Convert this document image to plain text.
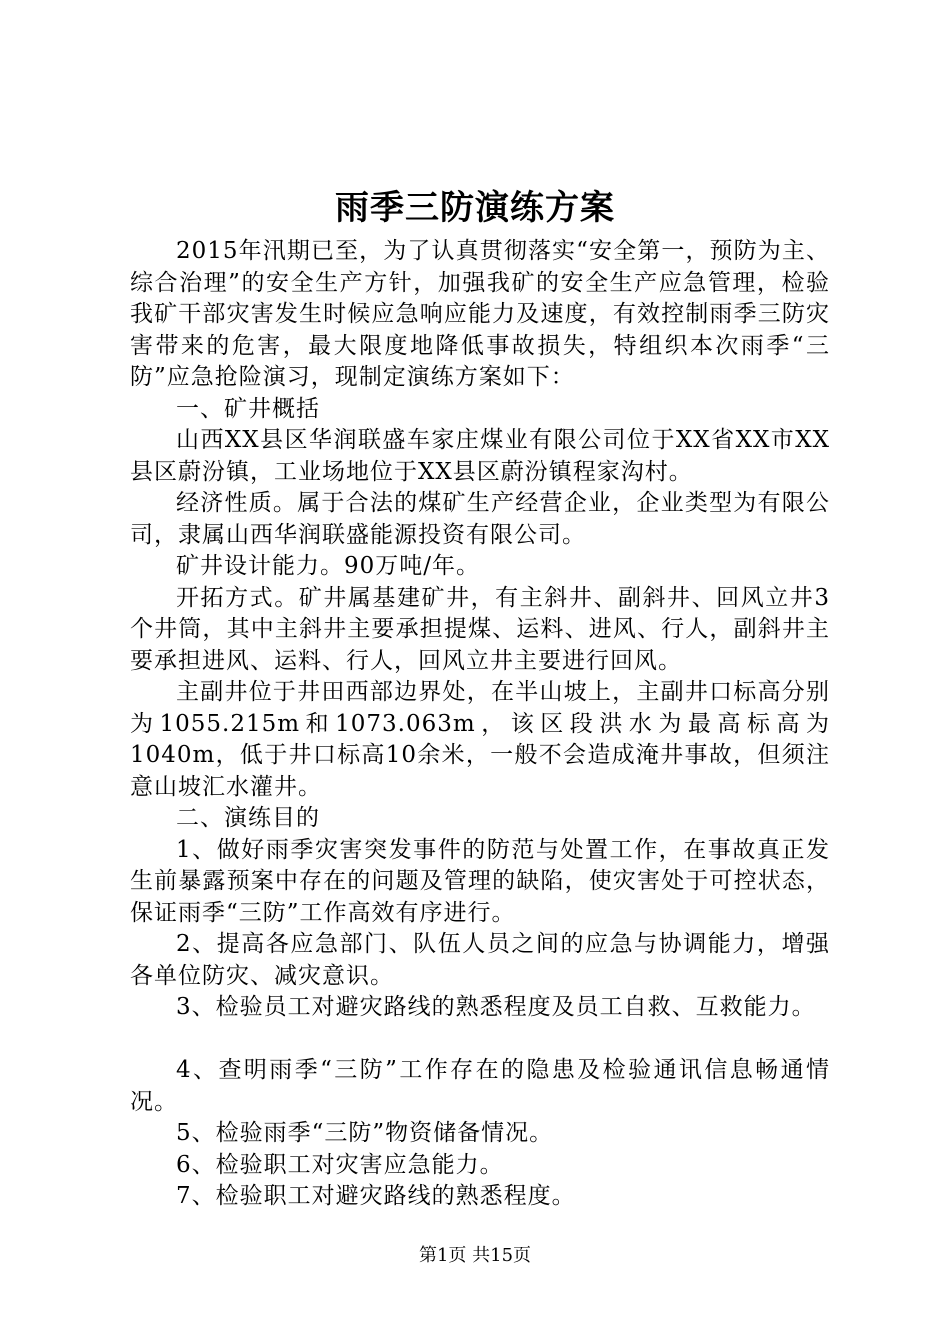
雨季三防演练方案

2015年汛期已至，为了认真贯彻落实“安全第一，预防为主、综合治理”的安全生产方针，加强我矿的安全生产应急管理，检验我矿干部灾害发生时候应急响应能力及速度，有效控制雨季三防灾害带来的危害，最大限度地降低事故损失，特组织本次雨季“三防”应急抢险演习，现制定演练方案如下：

一、矿井概括

山西XX县区华润联盛车家庄煤业有限公司位于XX省XX市XX县区蔚汾镇，工业场地位于XX县区蔚汾镇程家沟村。

经济性质。属于合法的煤矿生产经营企业，企业类型为有限公司，隶属山西华润联盛能源投资有限公司。

矿井设计能力。90万吨/年。

开拓方式。矿井属基建矿井，有主斜井、副斜井、回风立井3个井筒，其中主斜井主要承担提煤、运料、进风、行人，副斜井主要承担进风、运料、行人，回风立井主要进行回风。

主副井位于井田西部边界处，在半山坡上，主副井口标高分别为1055.215m和1073.063m，该区段洪水为最高标高为1040m，低于井口标高10余米，一般不会造成淹井事故，但须注意山坡汇水灌井。

二、演练目的

1、做好雨季灾害突发事件的防范与处置工作，在事故真正发生前暴露预案中存在的问题及管理的缺陷，使灾害处于可控状态，保证雨季“三防”工作高效有序进行。

2、提高各应急部门、队伍人员之间的应急与协调能力，增强各单位防灾、减灾意识。

3、检验员工对避灾路线的熟悉程度及员工自救、互救能力。

4、查明雨季“三防”工作存在的隐患及检验通讯信息畅通情况。

5、检验雨季“三防”物资储备情况。

6、检验职工对灾害应急能力。

7、检验职工对避灾路线的熟悉程度。

第1页 共15页
